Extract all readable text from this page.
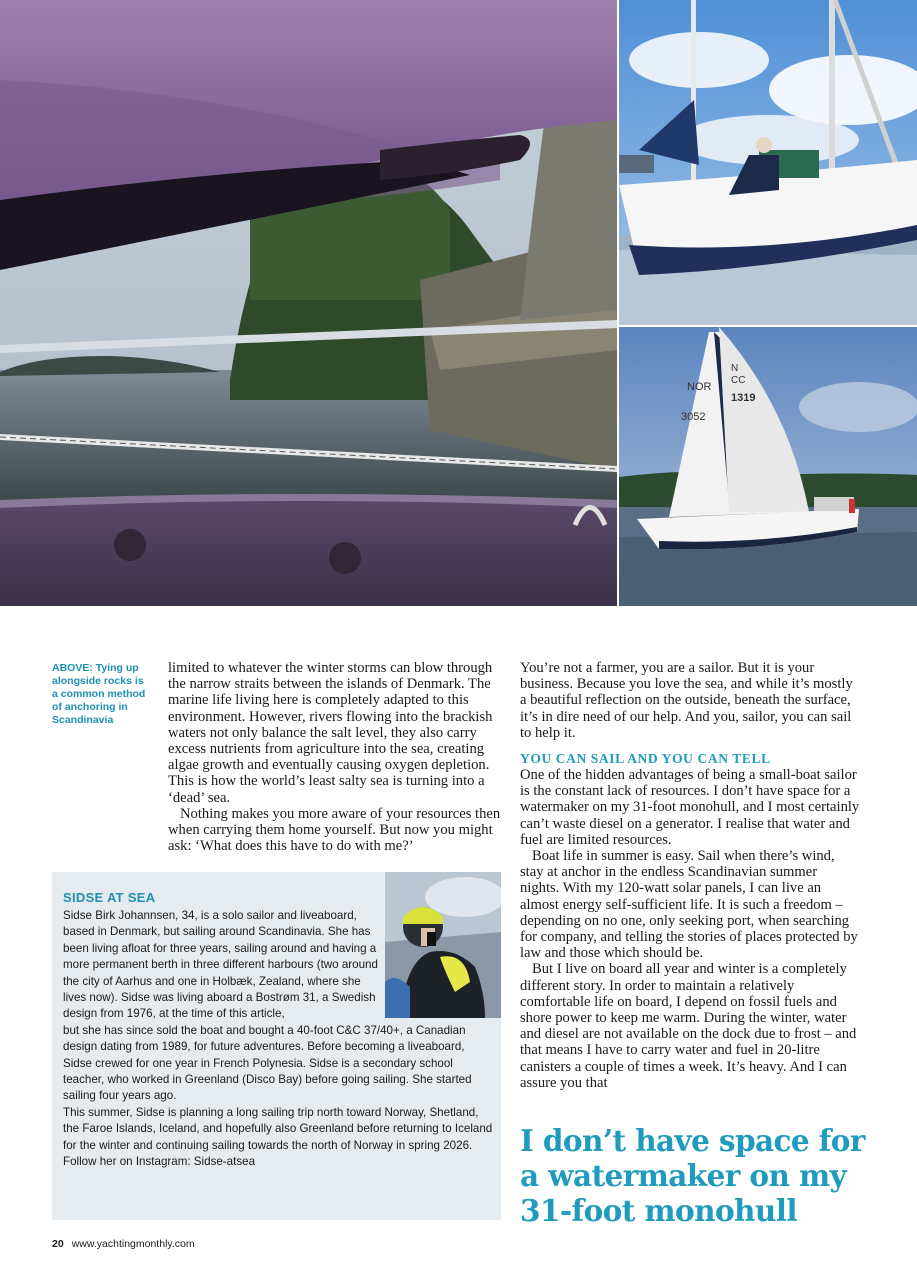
NOR
3052
N
CC
1319
ABOVE: Tying up alongside rocks is a common method of anchoring in Scandinavia

limited to whatever the winter storms can blow through the narrow straits between the islands of Denmark. The marine life living here is completely adapted to this environment. However, rivers flowing into the brackish waters not only balance the salt level, they also carry excess nutrients from agriculture into the sea, creating algae growth and eventually causing oxygen depletion. This is how the world’s least salty sea is turning into a ‘dead’ sea.

Nothing makes you more aware of your resources then when carrying them home yourself. But now you might ask: ‘What does this have to do with me?’

You’re not a farmer, you are a sailor. But it is your business. Because you love the sea, and while it’s mostly a beautiful reflection on the outside, beneath the surface, it’s in dire need of our help. And you, sailor, you can sail to help it.

YOU CAN SAIL AND YOU CAN TELL

One of the hidden advantages of being a small-boat sailor is the constant lack of resources. I don’t have space for a watermaker on my 31-foot monohull, and I most certainly can’t waste diesel on a generator. I realise that water and fuel are limited resources.

Boat life in summer is easy. Sail when there’s wind, stay at anchor in the endless Scandinavian summer nights. With my 120-watt solar panels, I can live an almost energy self-sufficient life. It is such a freedom – depending on no one, only seeking port, when searching for company, and telling the stories of places protected by law and those which should be.

But I live on board all year and winter is a completely different story. In order to maintain a relatively comfortable life on board, I depend on fossil fuels and shore power to keep me warm. During the winter, water and diesel are not available on the dock due to frost – and that means I have to carry water and fuel in 20-litre canisters a couple of times a week. It’s heavy. And I can assure you that

SIDSE AT SEA

Sidse Birk Johannsen, 34, is a solo sailor and liveaboard, based in Denmark, but sailing around Scandinavia. She has been living afloat for three years, sailing around and having a more permanent berth in three different harbours (two around the city of Aarhus and one in Holbæk, Zealand, where she lives now). Sidse was living aboard a Bostrøm 31, a Swedish design from 1976, at the time of this article,

but she has since sold the boat and bought a 40-foot C&C 37/40+, a Canadian design dating from 1989, for future adventures. Before becoming a liveaboard, Sidse crewed for one year in French Polynesia. Sidse is a secondary school teacher, who worked in Greenland (Disco Bay) before going sailing. She started sailing four years ago.

This summer, Sidse is planning a long sailing trip north toward Norway, Shetland, the Faroe Islands, Iceland, and hopefully also Greenland before returning to Iceland for the winter and continuing sailing towards the north of Norway in spring 2026.

Follow her on Instagram: Sidse-atsea

I don’t have space for a watermaker on my 31-foot monohull
20 www.yachtingmonthly.com
